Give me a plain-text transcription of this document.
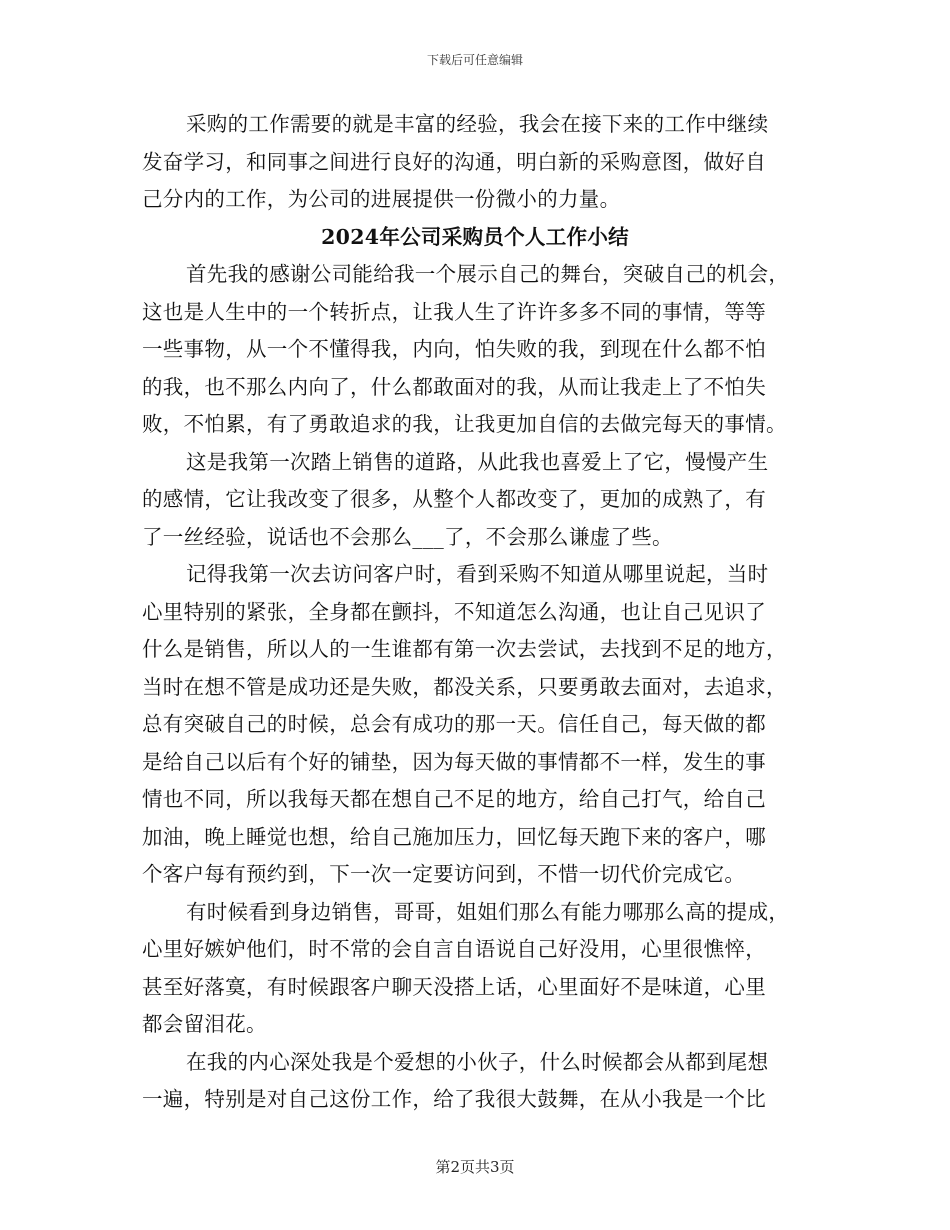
下载后可任意编辑
采购的工作需要的就是丰富的经验，我会在接下来的工作中继续
发奋学习，和同事之间进行良好的沟通，明白新的采购意图，做好自
己分内的工作，为公司的进展提供一份微小的力量。
2024年公司采购员个人工作小结
首先我的感谢公司能给我一个展示自己的舞台，突破自己的机会，
这也是人生中的一个转折点，让我人生了许许多多不同的事情，等等
一些事物，从一个不懂得我，内向，怕失败的我，到现在什么都不怕
的我，也不那么内向了，什么都敢面对的我，从而让我走上了不怕失
败，不怕累，有了勇敢追求的我，让我更加自信的去做完每天的事情。
这是我第一次踏上销售的道路，从此我也喜爱上了它，慢慢产生
的感情，它让我改变了很多，从整个人都改变了，更加的成熟了，有
了一丝经验，说话也不会那么___了，不会那么谦虚了些。
记得我第一次去访问客户时，看到采购不知道从哪里说起，当时
心里特别的紧张，全身都在颤抖，不知道怎么沟通，也让自己见识了
什么是销售，所以人的一生谁都有第一次去尝试，去找到不足的地方，
当时在想不管是成功还是失败，都没关系，只要勇敢去面对，去追求，
总有突破自己的时候，总会有成功的那一天。信任自己，每天做的都
是给自己以后有个好的铺垫，因为每天做的事情都不一样，发生的事
情也不同，所以我每天都在想自己不足的地方，给自己打气，给自己
加油，晚上睡觉也想，给自己施加压力，回忆每天跑下来的客户，哪
个客户每有预约到，下一次一定要访问到，不惜一切代价完成它。
有时候看到身边销售，哥哥，姐姐们那么有能力哪那么高的提成，
心里好嫉妒他们，时不常的会自言自语说自己好没用，心里很憔悴，
甚至好落寞，有时候跟客户聊天没搭上话，心里面好不是味道，心里
都会留泪花。
在我的内心深处我是个爱想的小伙子，什么时候都会从都到尾想
一遍，特别是对自己这份工作，给了我很大鼓舞，在从小我是一个比
第2页共3页
